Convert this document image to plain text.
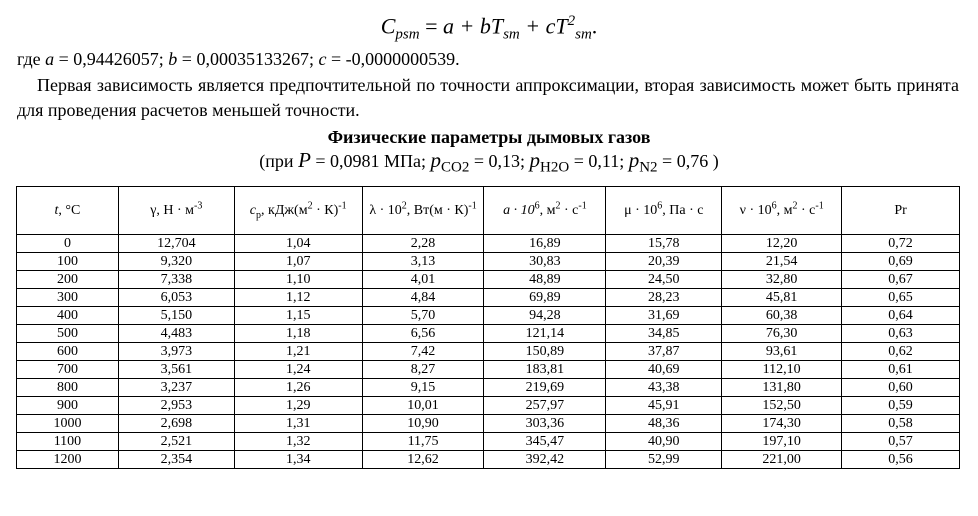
$C_{psm} = a + bT_{sm} + cT^2_{sm}$.
где a = 0,94426057; b = 0,00035133267; c = -0,0000000539.
Первая зависимость является предпочтительной по точности аппроксимации, вторая зависимость может быть принята для проведения расчетов меньшей точности.
Физические параметры дымовых газов
(при P = 0,0981 МПа; $p_{CO2} = 0,13$; $p_{H2O} = 0,11$; $p_{N2} = 0,76$ )
t, °C	γ, $Н \cdot м^{-3}$	$c_p$, $кДж(м^2 \cdot К)^{-1}$	$\lambda \cdot 10^2$, $Вт(м \cdot К)^{-1}$	$a \cdot 10^6$, $м^2 \cdot с^{-1}$	$\mu \cdot 10^6$, Па · с	$\nu \cdot 10^6$, $м^2 \cdot с^{-1}$	Pr
0	12,704	1,04	2,28	16,89	15,78	12,20	0,72
100	9,320	1,07	3,13	30,83	20,39	21,54	0,69
200	7,338	1,10	4,01	48,89	24,50	32,80	0,67
300	6,053	1,12	4,84	69,89	28,23	45,81	0,65
400	5,150	1,15	5,70	94,28	31,69	60,38	0,64
500	4,483	1,18	6,56	121,14	34,85	76,30	0,63
600	3,973	1,21	7,42	150,89	37,87	93,61	0,62
700	3,561	1,24	8,27	183,81	40,69	112,10	0,61
800	3,237	1,26	9,15	219,69	43,38	131,80	0,60
900	2,953	1,29	10,01	257,97	45,91	152,50	0,59
1000	2,698	1,31	10,90	303,36	48,36	174,30	0,58
1100	2,521	1,32	11,75	345,47	40,90	197,10	0,57
1200	2,354	1,34	12,62	392,42	52,99	221,00	0,56
